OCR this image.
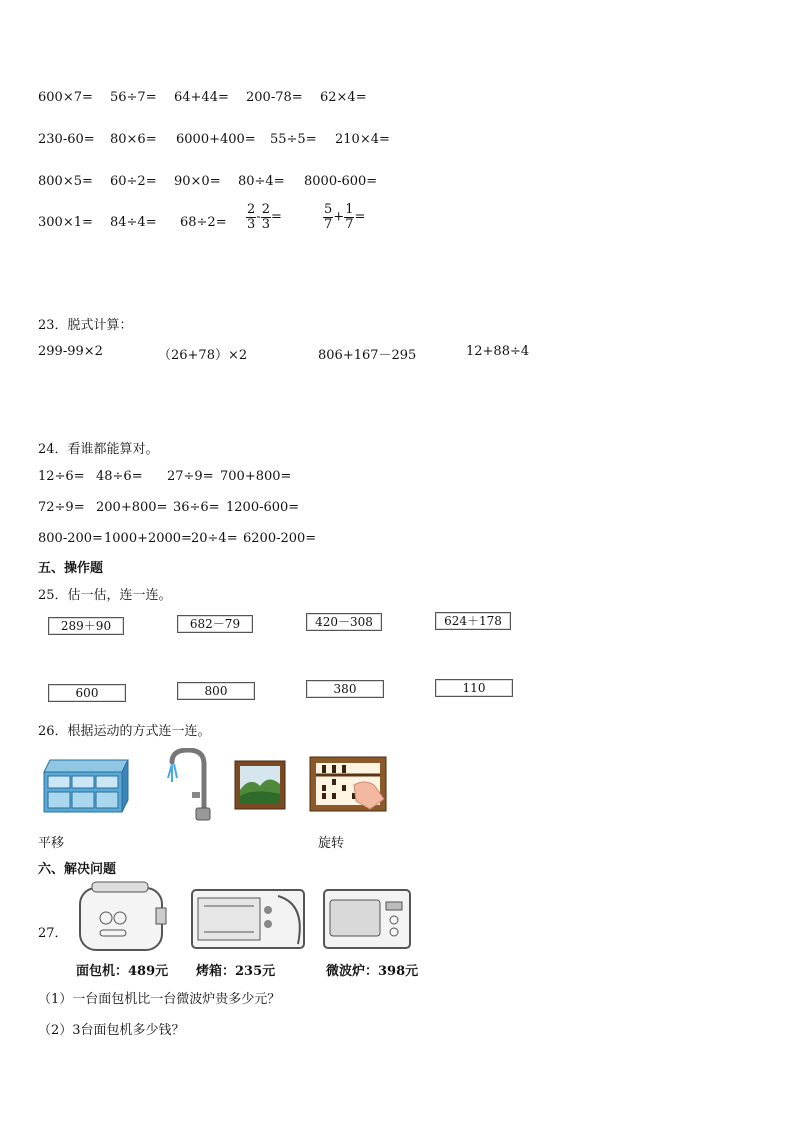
600×7= 56÷7= 64+44= 200-78= 62×4=
230-60= 80×6= 6000+400= 55÷5= 210×4=
800×5= 60÷2= 90×0= 80÷4= 8000-600=
$300\times 1= 84\div 4= 68\div 2= \frac{2}{3} - \frac{2}{3}$ =	$\frac{5}{7} + \frac{1}{7}$ =
23．脱式计算：
299-99×2	（26+78）×2	806+167－295	12+88÷4
24．看谁都能算对。
12÷6= 48÷6= 27÷9= 700+800=
72÷9= 200+800= 36÷6= 1200-600=
800-200= 1000+2000= 20÷4= 6200-200=
五、操作题
25．估一估，连一连。
289＋90	682－79	420－308	624＋178
600	800	380	110
26．根据运动的方式连一连。
平移	旋转
六、解决问题
27．
面包机：489元 烤箱：235元	微波炉：398元
（1）一台面包机比一台微波炉贵多少元？
（2）3台面包机多少钱？
